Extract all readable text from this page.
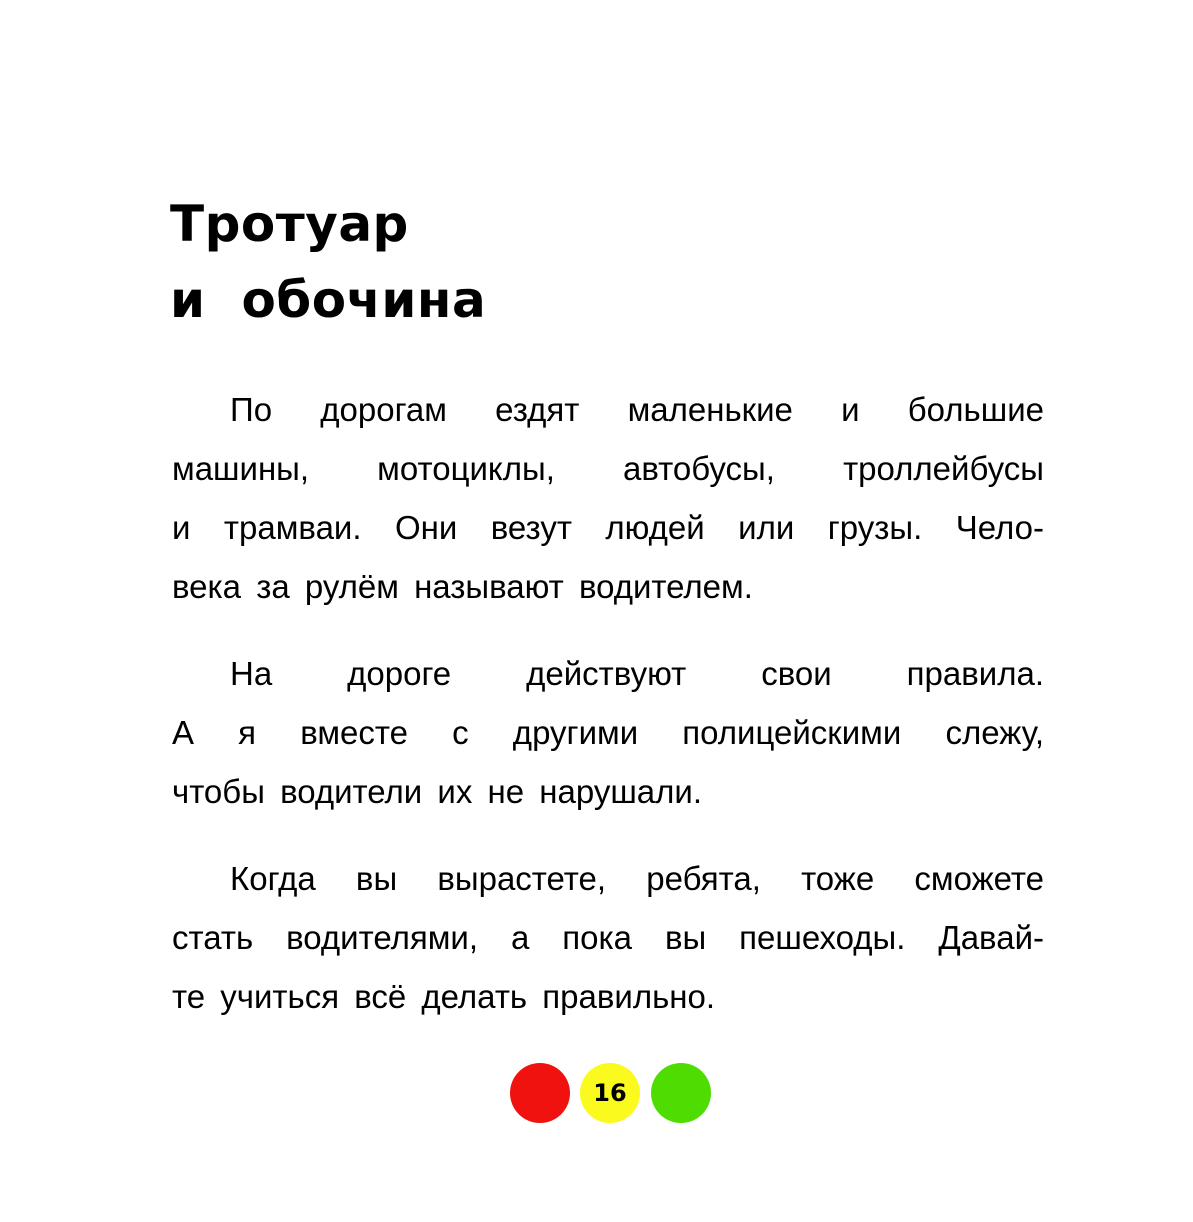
Тротуар
и обочина
По дорогам ездят маленькие и большие
машины, мотоциклы, автобусы, троллейбусы
и трамваи. Они везут людей или грузы. Чело-
века за рулём называют водителем.
На дороге действуют свои правила.
А я вместе с другими полицейскими слежу,
чтобы водители их не нарушали.
Когда вы вырастете, ребята, тоже сможете
стать водителями, а пока вы пешеходы. Давай-
те учиться всё делать правильно.
16
